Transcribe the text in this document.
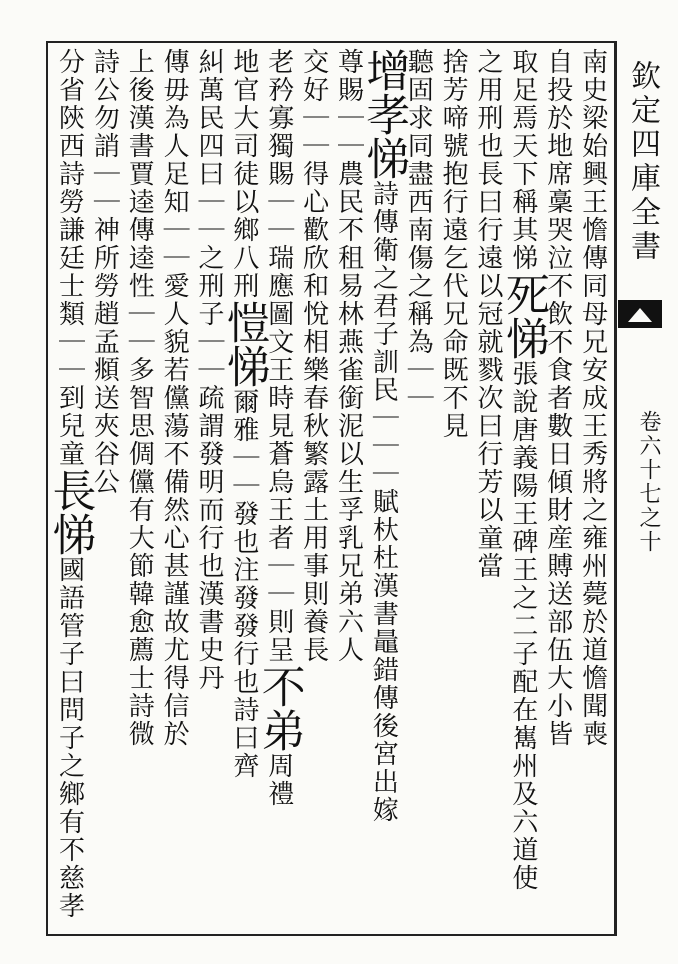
欽定四庫全書
卷六十七之十
南史梁始興王憺傳同母兄安成王秀將之雍州薨於道憺聞喪
自投於地席稾哭泣不飲不食者數日傾財産賻送部伍大小皆
取足焉天下稱其悌死悌張說唐義陽王碑王之二子配在嶲州及六道使
之用刑也長曰行遠以冠就戮次曰行芳以童當
捨芳啼號抱行遠乞代兄命既不見
聽固求同盡西南傷之稱為｜｜
增孝悌詩傳衛之君子訓民｜｜｜賦杕杜漢書鼂錯傳後宮出嫁
尊賜｜｜農民不租易林燕雀銜泥以生孚乳兄弟六人
交好｜｜得心歡欣和悅相樂春秋繁露土用事則養長
老矜寡獨賜｜｜瑞應圖文王時見蒼烏王者｜｜則呈不弟周禮
地官大司徒以鄉八刑愷悌爾雅｜｜發也注發發行也詩曰齊
糾萬民四曰｜｜之刑子｜｜疏謂發明而行也漢書史丹
傳毋為人足知｜｜愛人貌若儻蕩不備然心甚謹故尤得信於
上後漢書賈逵傳逵性｜｜多智思倜儻有大節韓愈薦士詩微
詩公勿誚｜｜神所勞趙孟頫送夾谷公
分省陝西詩勞謙廷士類｜｜到兒童長悌國語管子曰問子之鄉有不慈孝
